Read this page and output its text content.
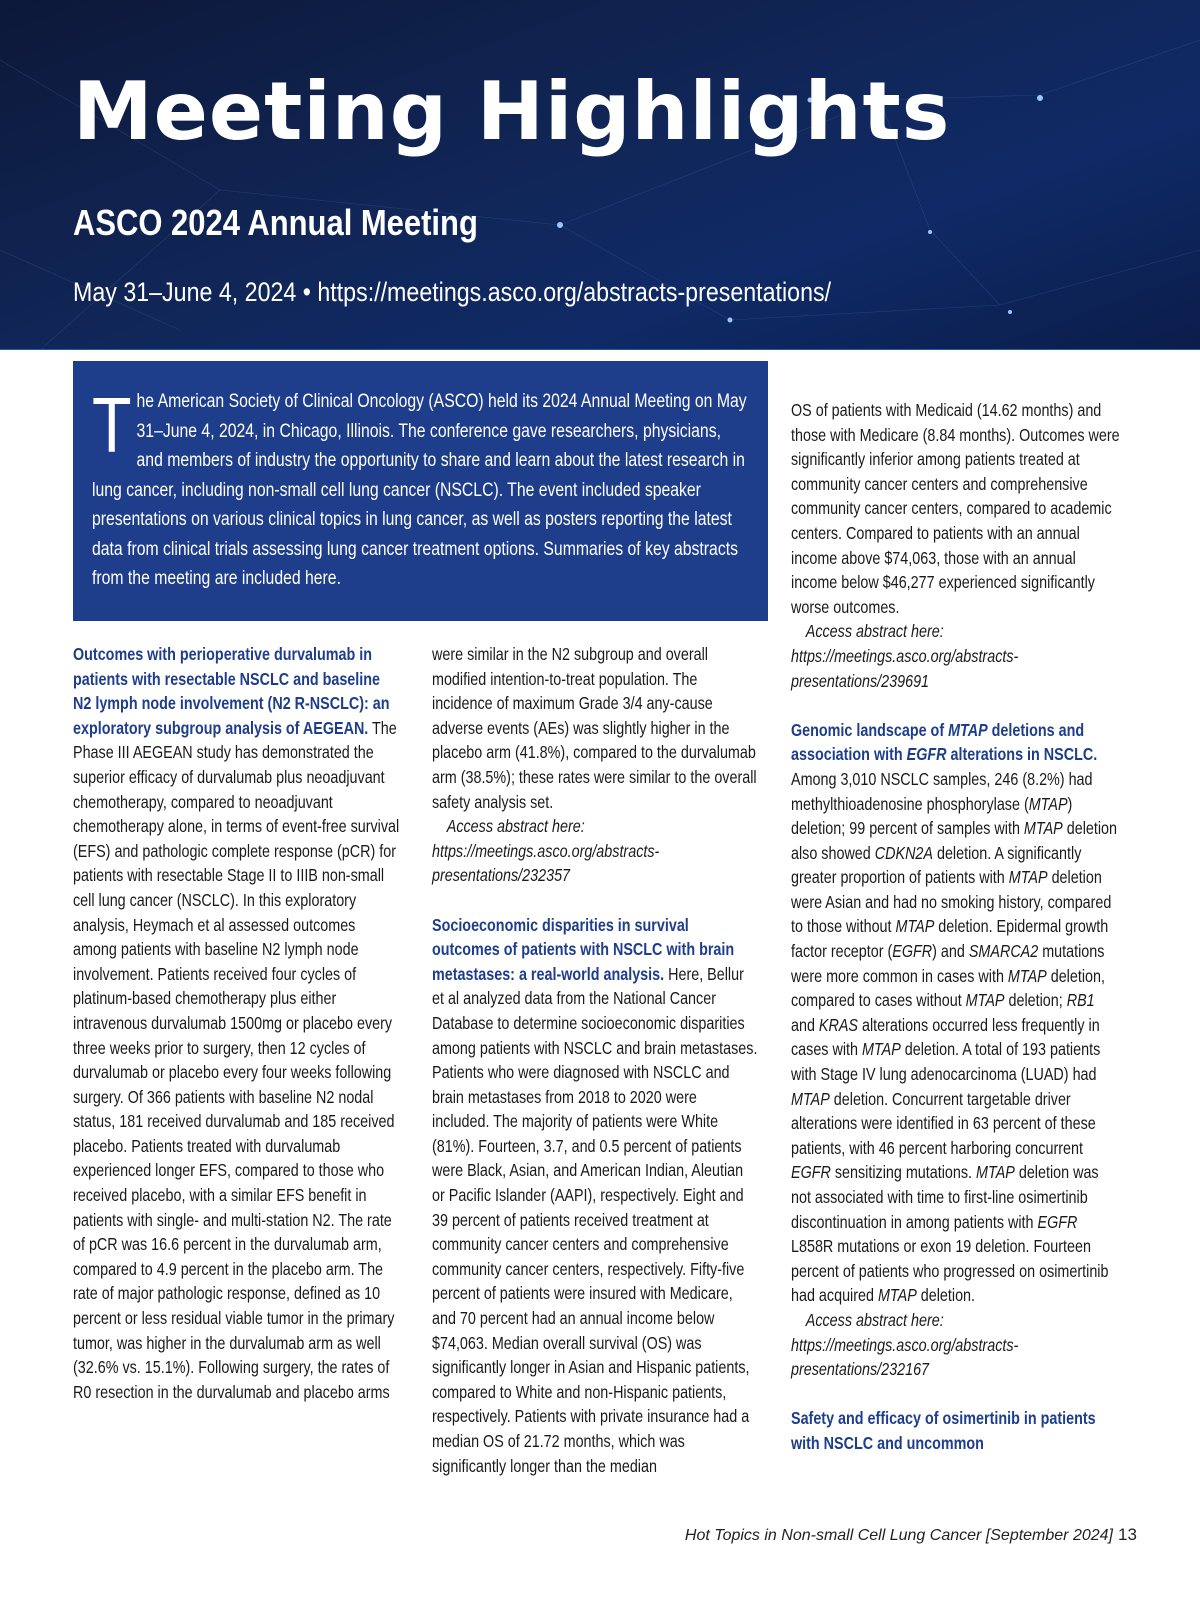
Meeting Highlights
ASCO 2024 Annual Meeting

May 31–June 4, 2024 • https://meetings.asco.org/abstracts-presentations/

The American Society of Clinical Oncology (ASCO) held its 2024 Annual Meeting on May 31–June 4, 2024, in Chicago, Illinois. The conference gave researchers, physicians, and members of industry the opportunity to share and learn about the latest research in lung cancer, including non-small cell lung cancer (NSCLC). The event included speaker presentations on various clinical topics in lung cancer, as well as posters reporting the latest data from clinical trials assessing lung cancer treatment options. Summaries of key abstracts from the meeting are included here.

Outcomes with perioperative durvalumab in patients with resectable NSCLC and baseline N2 lymph node involvement (N2 R-NSCLC): an exploratory subgroup analysis of AEGEAN. The Phase III AEGEAN study has demonstrated the superior efficacy of durvalumab plus neoadjuvant chemotherapy, compared to neoadjuvant chemotherapy alone, in terms of event-free survival (EFS) and pathologic complete response (pCR) for patients with resectable Stage II to IIIB non-small cell lung cancer (NSCLC). In this exploratory analysis, Heymach et al assessed outcomes among patients with baseline N2 lymph node involvement. Patients received four cycles of platinum-based chemotherapy plus either intravenous durvalumab 1500mg or placebo every three weeks prior to surgery, then 12 cycles of durvalumab or placebo every four weeks following surgery. Of 366 patients with baseline N2 nodal status, 181 received durvalumab and 185 received placebo. Patients treated with durvalumab experienced longer EFS, compared to those who received placebo, with a similar EFS benefit in patients with single- and multi-station N2. The rate of pCR was 16.6 percent in the durvalumab arm, compared to 4.9 percent in the placebo arm. The rate of major pathologic response, defined as 10 percent or less residual viable tumor in the primary tumor, was higher in the durvalumab arm as well (32.6% vs. 15.1%). Following surgery, the rates of R0 resection in the durvalumab and placebo arms

were similar in the N2 subgroup and overall modified intention-to-treat population. The incidence of maximum Grade 3/4 any-cause adverse events (AEs) was slightly higher in the placebo arm (41.8%), compared to the durvalumab arm (38.5%); these rates were similar to the overall safety analysis set.

Access abstract here: https://meetings.asco.org/abstracts-presentations/232357

Socioeconomic disparities in survival outcomes of patients with NSCLC with brain metastases: a real-world analysis. Here, Bellur et al analyzed data from the National Cancer Database to determine socioeconomic disparities among patients with NSCLC and brain metastases. Patients who were diagnosed with NSCLC and brain metastases from 2018 to 2020 were included. The majority of patients were White (81%). Fourteen, 3.7, and 0.5 percent of patients were Black, Asian, and American Indian, Aleutian or Pacific Islander (AAPI), respectively. Eight and 39 percent of patients received treatment at community cancer centers and comprehensive community cancer centers, respectively. Fifty-five percent of patients were insured with Medicare, and 70 percent had an annual income below $74,063. Median overall survival (OS) was significantly longer in Asian and Hispanic patients, compared to White and non-Hispanic patients, respectively. Patients with private insurance had a median OS of 21.72 months, which was significantly longer than the median

OS of patients with Medicaid (14.62 months) and those with Medicare (8.84 months). Outcomes were significantly inferior among patients treated at community cancer centers and comprehensive community cancer centers, compared to academic centers. Compared to patients with an annual income above $74,063, those with an annual income below $46,277 experienced significantly worse outcomes.

Access abstract here: https://meetings.asco.org/abstracts-presentations/239691

Genomic landscape of MTAP deletions and association with EGFR alterations in NSCLC. Among 3,010 NSCLC samples, 246 (8.2%) had methylthioadenosine phosphorylase (MTAP) deletion; 99 percent of samples with MTAP deletion also showed CDKN2A deletion. A significantly greater proportion of patients with MTAP deletion were Asian and had no smoking history, compared to those without MTAP deletion. Epidermal growth factor receptor (EGFR) and SMARCA2 mutations were more common in cases with MTAP deletion, compared to cases without MTAP deletion; RB1 and KRAS alterations occurred less frequently in cases with MTAP deletion. A total of 193 patients with Stage IV lung adenocarcinoma (LUAD) had MTAP deletion. Concurrent targetable driver alterations were identified in 63 percent of these patients, with 46 percent harboring concurrent EGFR sensitizing mutations. MTAP deletion was not associated with time to first-line osimertinib discontinuation in among patients with EGFR L858R mutations or exon 19 deletion. Fourteen percent of patients who progressed on osimertinib had acquired MTAP deletion.

Access abstract here: https://meetings.asco.org/abstracts-presentations/232167

Safety and efficacy of osimertinib in patients with NSCLC and uncommon

Hot Topics in Non-small Cell Lung Cancer [September 2024] 13
